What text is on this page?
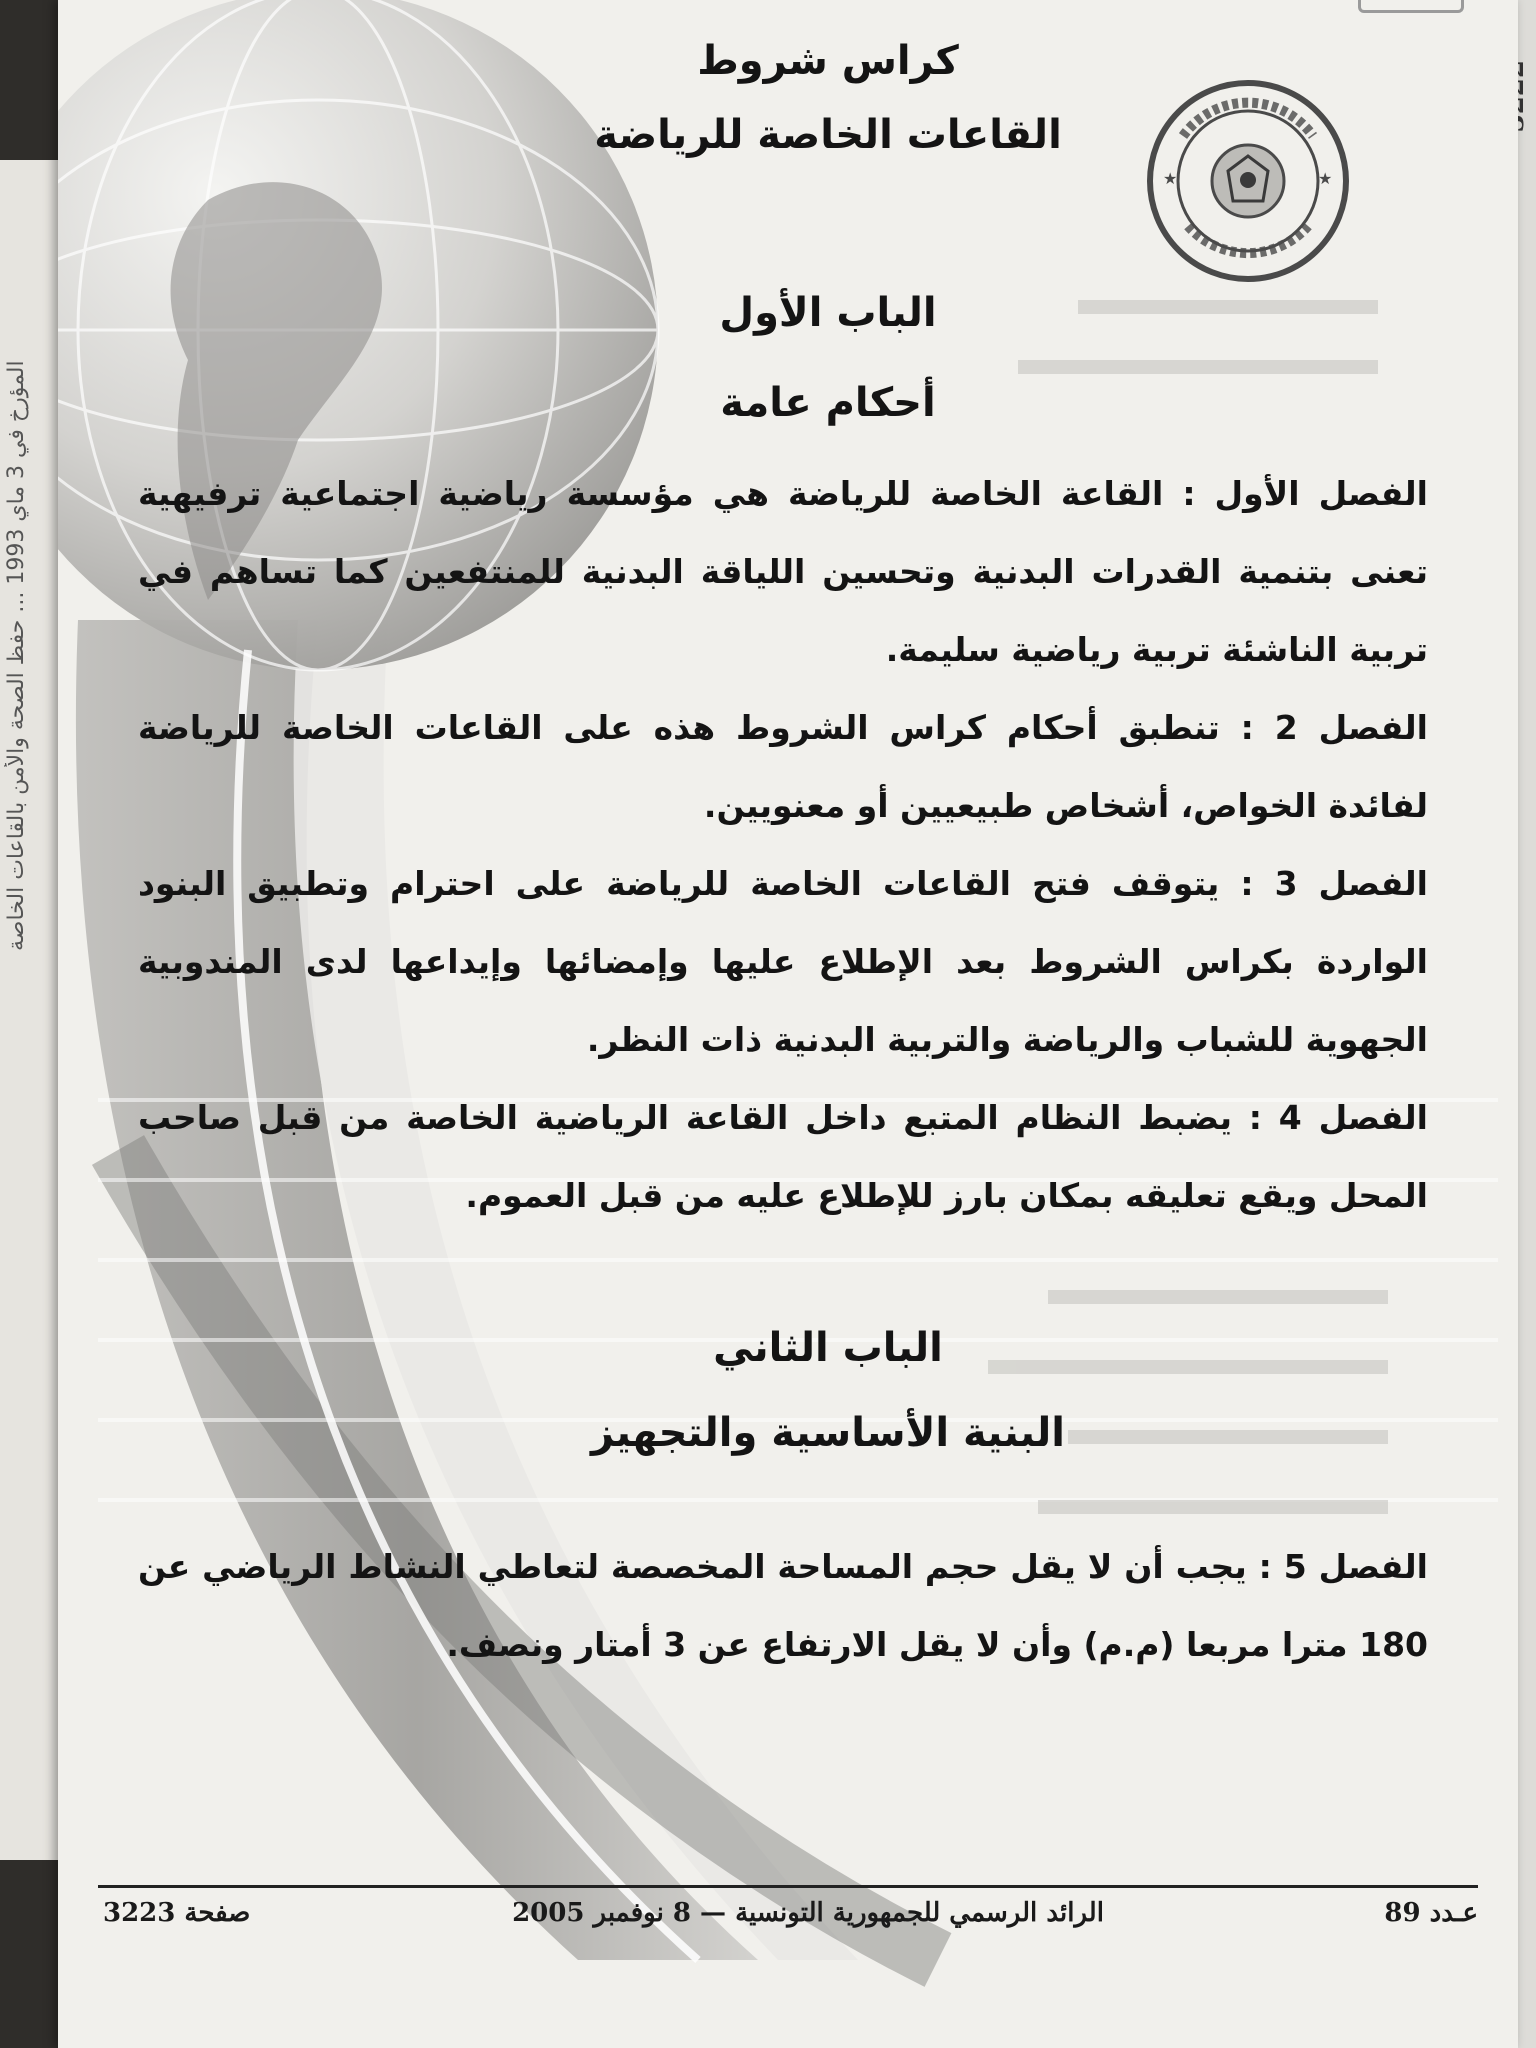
المؤرخ في 3 ماي 1993 ... حفظ الصحة والأمن بالقاعات الخاصة
كراس شروط
القاعات الخاصة للرياضة
★	★
الباب الأول
أحكام عامة
الفصل الأول : القاعة الخاصة للرياضة هي مؤسسة رياضية اجتماعية ترفيهية تعنى بتنمية القدرات البدنية وتحسين اللياقة البدنية للمنتفعين كما تساهم في تربية الناشئة تربية رياضية سليمة.
الفصل 2 : تنطبق أحكام كراس الشروط هذه على القاعات الخاصة للرياضة لفائدة الخواص، أشخاص طبيعيين أو معنويين.
الفصل 3 : يتوقف فتح القاعات الخاصة للرياضة على احترام وتطبيق البنود الواردة بكراس الشروط بعد الإطلاع عليها وإمضائها وإيداعها لدى المندوبية الجهوية للشباب والرياضة والتربية البدنية ذات النظر.
الفصل 4 : يضبط النظام المتبع داخل القاعة الرياضية الخاصة من قبل صاحب المحل ويقع تعليقه بمكان بارز للإطلاع عليه من قبل العموم.
الباب الثاني
البنية الأساسية والتجهيز
الفصل 5 : يجب أن لا يقل حجم المساحة المخصصة لتعاطي النشاط الرياضي عن 180 مترا مربعا (م.م) وأن لا يقل الارتفاع عن 3 أمتار ونصف.
صفحة 3223	الرائد الرسمي للجمهورية التونسية — 8 نوفمبر 2005	عـدد 89
